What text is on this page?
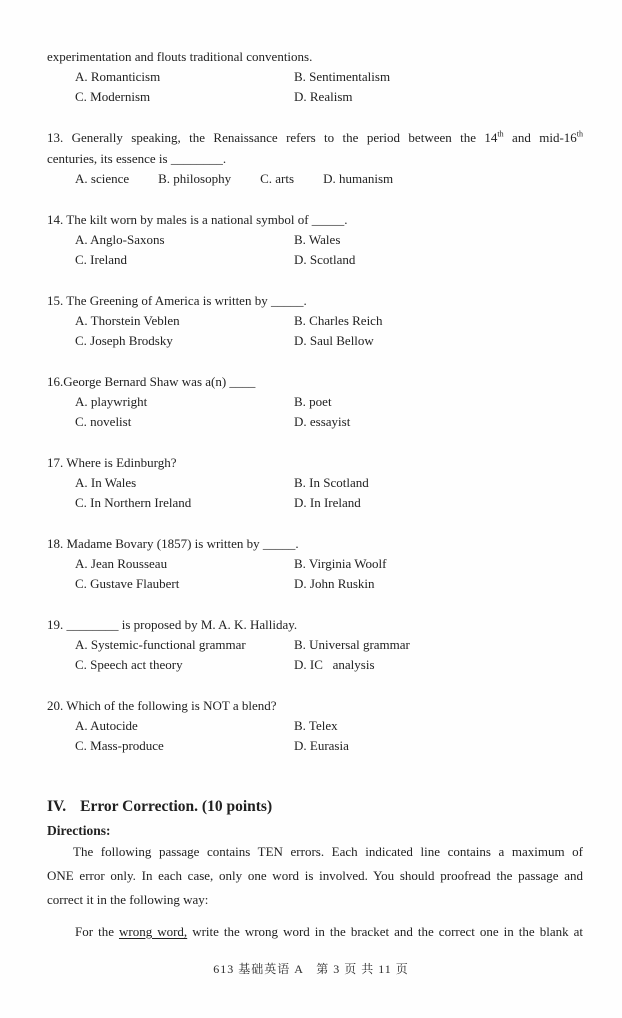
experimentation and flouts traditional conventions.
A. Romanticism	B. Sentimentalism
C. Modernism	D. Realism
13. Generally speaking, the Renaissance refers to the period between the 14th and mid-16th
centuries, its essence is ________.
A. science B. philosophy C. arts D. humanism
14. The kilt worn by males is a national symbol of _____.
A. Anglo-Saxons	B. Wales
C. Ireland	D. Scotland
15. The Greening of America is written by _____.
A. Thorstein Veblen	B. Charles Reich
C. Joseph Brodsky	D. Saul Bellow
16.George Bernard Shaw was a(n) ____
A. playwright	B. poet
C. novelist	D. essayist
17. Where is Edinburgh?
A. In Wales	B. In Scotland
C. In Northern Ireland	D. In Ireland
18. Madame Bovary (1857) is written by _____.
A. Jean Rousseau	B. Virginia Woolf
C. Gustave Flaubert	D. John Ruskin
19. ________ is proposed by M. A. K. Halliday.
A. Systemic-functional grammar	B. Universal grammar
C. Speech act theory	D. IC   analysis
20. Which of the following is NOT a blend?
A. Autocide	B. Telex
C. Mass-produce	D. Eurasia
IV. Error Correction. (10 points)
Directions:
The following passage contains TEN errors. Each indicated line contains a maximum of
ONE error only. In each case, only one word is involved. You should proofread the passage and
correct it in the following way:
For the wrong word, write the wrong word in the bracket and the correct one in the blank at
613 基础英语 A　第 3 页 共 11 页
